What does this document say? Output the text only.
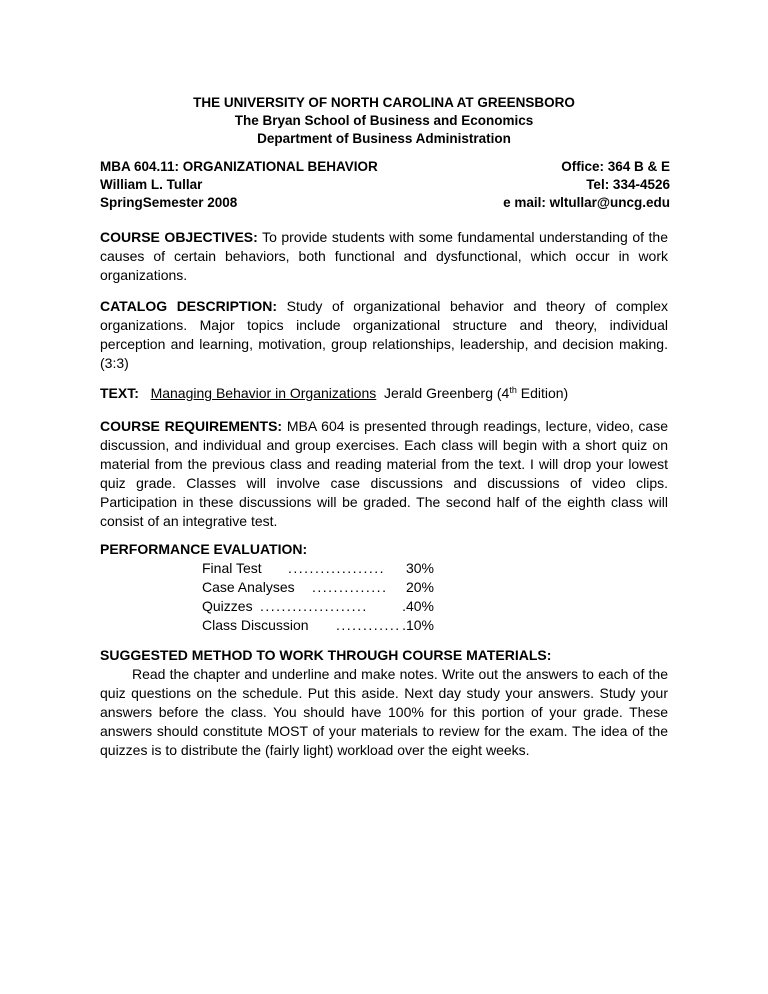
THE UNIVERSITY OF NORTH CAROLINA AT GREENSBORO
The Bryan School of Business and Economics
Department of Business Administration
MBA 604.11: ORGANIZATIONAL BEHAVIOR
William L. Tullar
SpringSemester 2008
Office: 364 B & E
Tel: 334-4526
e mail: wltullar@uncg.edu
COURSE OBJECTIVES: To provide students with some fundamental understanding of the causes of certain behaviors, both functional and dysfunctional, which occur in work organizations.
CATALOG DESCRIPTION: Study of organizational behavior and theory of complex organizations. Major topics include organizational structure and theory, individual perception and learning, motivation, group relationships, leadership, and decision making. (3:3)
TEXT: Managing Behavior in Organizations Jerald Greenberg (4th Edition)
COURSE REQUIREMENTS: MBA 604 is presented through readings, lecture, video, case discussion, and individual and group exercises. Each class will begin with a short quiz on material from the previous class and reading material from the text. I will drop your lowest quiz grade. Classes will involve case discussions and discussions of video clips. Participation in these discussions will be graded. The second half of the eighth class will consist of an integrative test.
PERFORMANCE EVALUATION:
Final Test .................. 30%
Case Analyses .............. 20%
Quizzes .................... .40%
Class Discussion ............ .10%
SUGGESTED METHOD TO WORK THROUGH COURSE MATERIALS:

Read the chapter and underline and make notes. Write out the answers to each of the quiz questions on the schedule. Put this aside. Next day study your answers. Study your answers before the class. You should have 100% for this portion of your grade. These answers should constitute MOST of your materials to review for the exam. The idea of the quizzes is to distribute the (fairly light) workload over the eight weeks.
